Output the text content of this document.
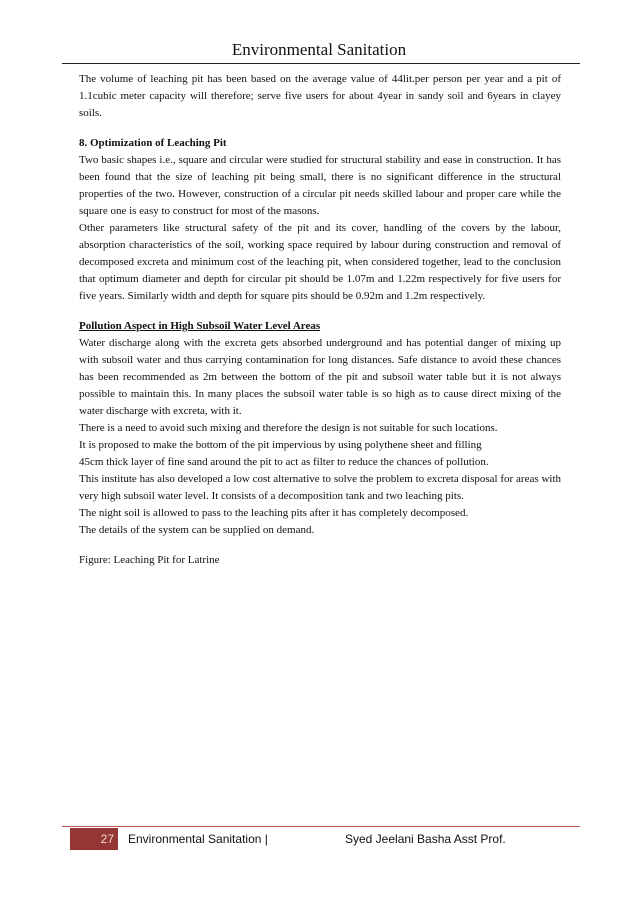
Environmental Sanitation

The volume of leaching pit has been based on the average value of 44lit.per person per year and a pit of 1.1cubic meter capacity will therefore; serve five users for about 4year in sandy soil and 6years in clayey soils.

8. Optimization of Leaching Pit

Two basic shapes i.e., square and circular were studied for structural stability and ease in construction. It has been found that the size of leaching pit being small, there is no significant difference in the structural properties of the two. However, construction of a circular pit needs skilled labour and proper care while the square one is easy to construct for most of the masons.

Other parameters like structural safety of the pit and its cover, handling of the covers by the labour, absorption characteristics of the soil, working space required by labour during construction and removal of decomposed excreta and minimum cost of the leaching pit, when considered together, lead to the conclusion that optimum diameter and depth for circular pit should be 1.07m and 1.22m respectively for five users for five years. Similarly width and depth for square pits should be 0.92m and 1.2m respectively.

Pollution Aspect in High Subsoil Water Level Areas

Water discharge along with the excreta gets absorbed underground and has potential danger of mixing up with subsoil water and thus carrying contamination for long distances. Safe distance to avoid these chances has been recommended as 2m between the bottom of the pit and subsoil water table but it is not always possible to maintain this. In many places the subsoil water table is so high as to cause direct mixing of the water discharge with excreta, with it.

There is a need to avoid such mixing and therefore the design is not suitable for such locations.

It is proposed to make the bottom of the pit impervious by using polythene sheet and filling

45cm thick layer of fine sand around the pit to act as filter to reduce the chances of pollution.

This institute has also developed a low cost alternative to solve the problem to excreta disposal for areas with very high subsoil water level. It consists of a decomposition tank and two leaching pits.

The night soil is allowed to pass to the leaching pits after it has completely decomposed.

The details of the system can be supplied on demand.

Figure: Leaching Pit for Latrine

27	Environmental Sanitation |	Syed Jeelani Basha Asst Prof.
